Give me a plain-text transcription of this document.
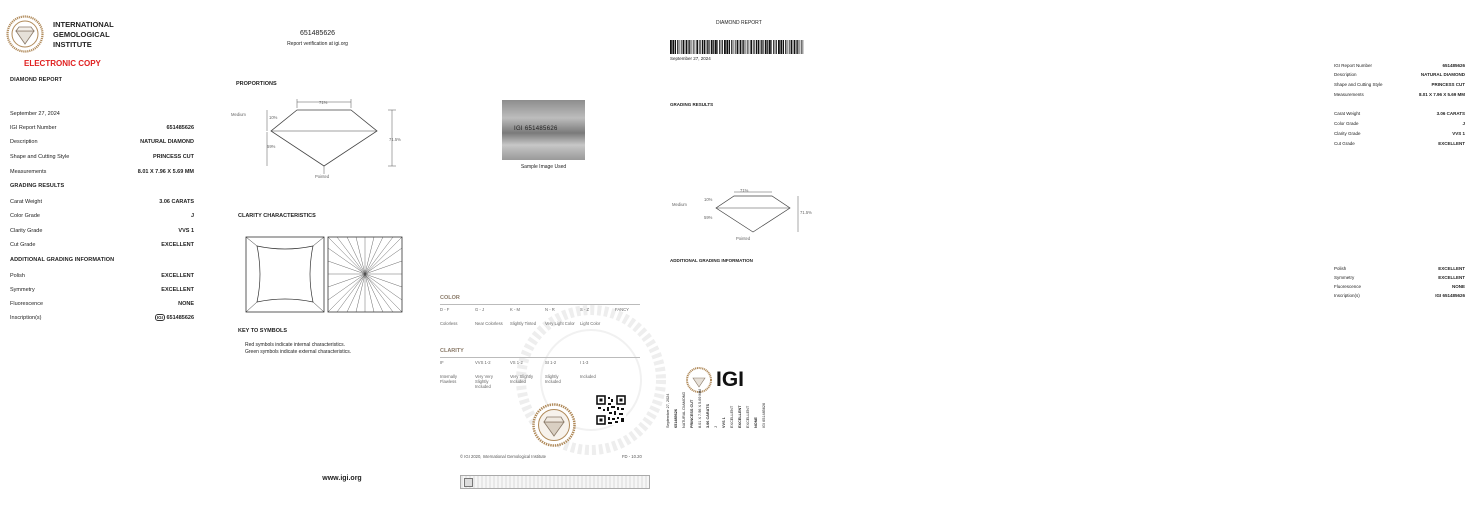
INTERNATIONAL
GEMOLOGICAL
INSTITUTE
ELECTRONIC COPY
DIAMOND REPORT
September 27, 2024
IGI Report Number	651485626
Description	NATURAL DIAMOND
Shape and Cutting Style	PRINCESS CUT
Measurements	8.01 X 7.96 X 5.69 MM
GRADING RESULTS
Carat Weight	3.06 CARATS
Color Grade	J
Clarity Grade	VVS 1
Cut Grade	EXCELLENT
ADDITIONAL GRADING INFORMATION
Polish	EXCELLENT
Symmetry	EXCELLENT
Fluorescence	NONE
Inscription(s)	IGI 651485626
651485626
Report verification at igi.org
PROPORTIONS
Medium
71%
10%
59%
71.5%
Pointed
CLARITY CHARACTERISTICS
KEY TO SYMBOLS
Red symbols indicate internal characteristics.
Green symbols indicate external characteristics.
www.igi.org
IGI 651485626
Sample Image Used
COLOR
D - F
Colorless
G - J
Near Colorless
K - M
Slightly Tinted
N - R
Very Light Color
S - Z
Light Color
FANCY
CLARITY
IF
Internally Flawless
VVS 1-2
Very Very Slightly Included
VS 1-2
Very Slightly Included
SI 1-2
Slightly Included
I 1-3
Included
© IGI 2020, International Gemological Institute	FD - 10.20
DIAMOND REPORT
September 27, 2024
IGI Report Number	651485626
Description	NATURAL DIAMOND
Shape and Cutting Style	PRINCESS CUT
Measurements	8.01 X 7.96 X 5.69 MM
GRADING RESULTS
Carat Weight	3.06 CARATS
Color Grade	J
Clarity Grade	VVS 1
Cut Grade	EXCELLENT
Medium
71%
10%
59%
71.5%
Pointed
ADDITIONAL GRADING INFORMATION
Polish	EXCELLENT
Symmetry	EXCELLENT
Fluorescence	NONE
Inscription(s)	IGI 651485626
IGI
September 27, 2024 651485626 NATURAL DIAMOND PRINCESS CUT 8.01 X 7.96 X 5.69 MM 3.06 CARATS J VVS 1 EXCELLENT EXCELLENT EXCELLENT NONE IGI 651485626
